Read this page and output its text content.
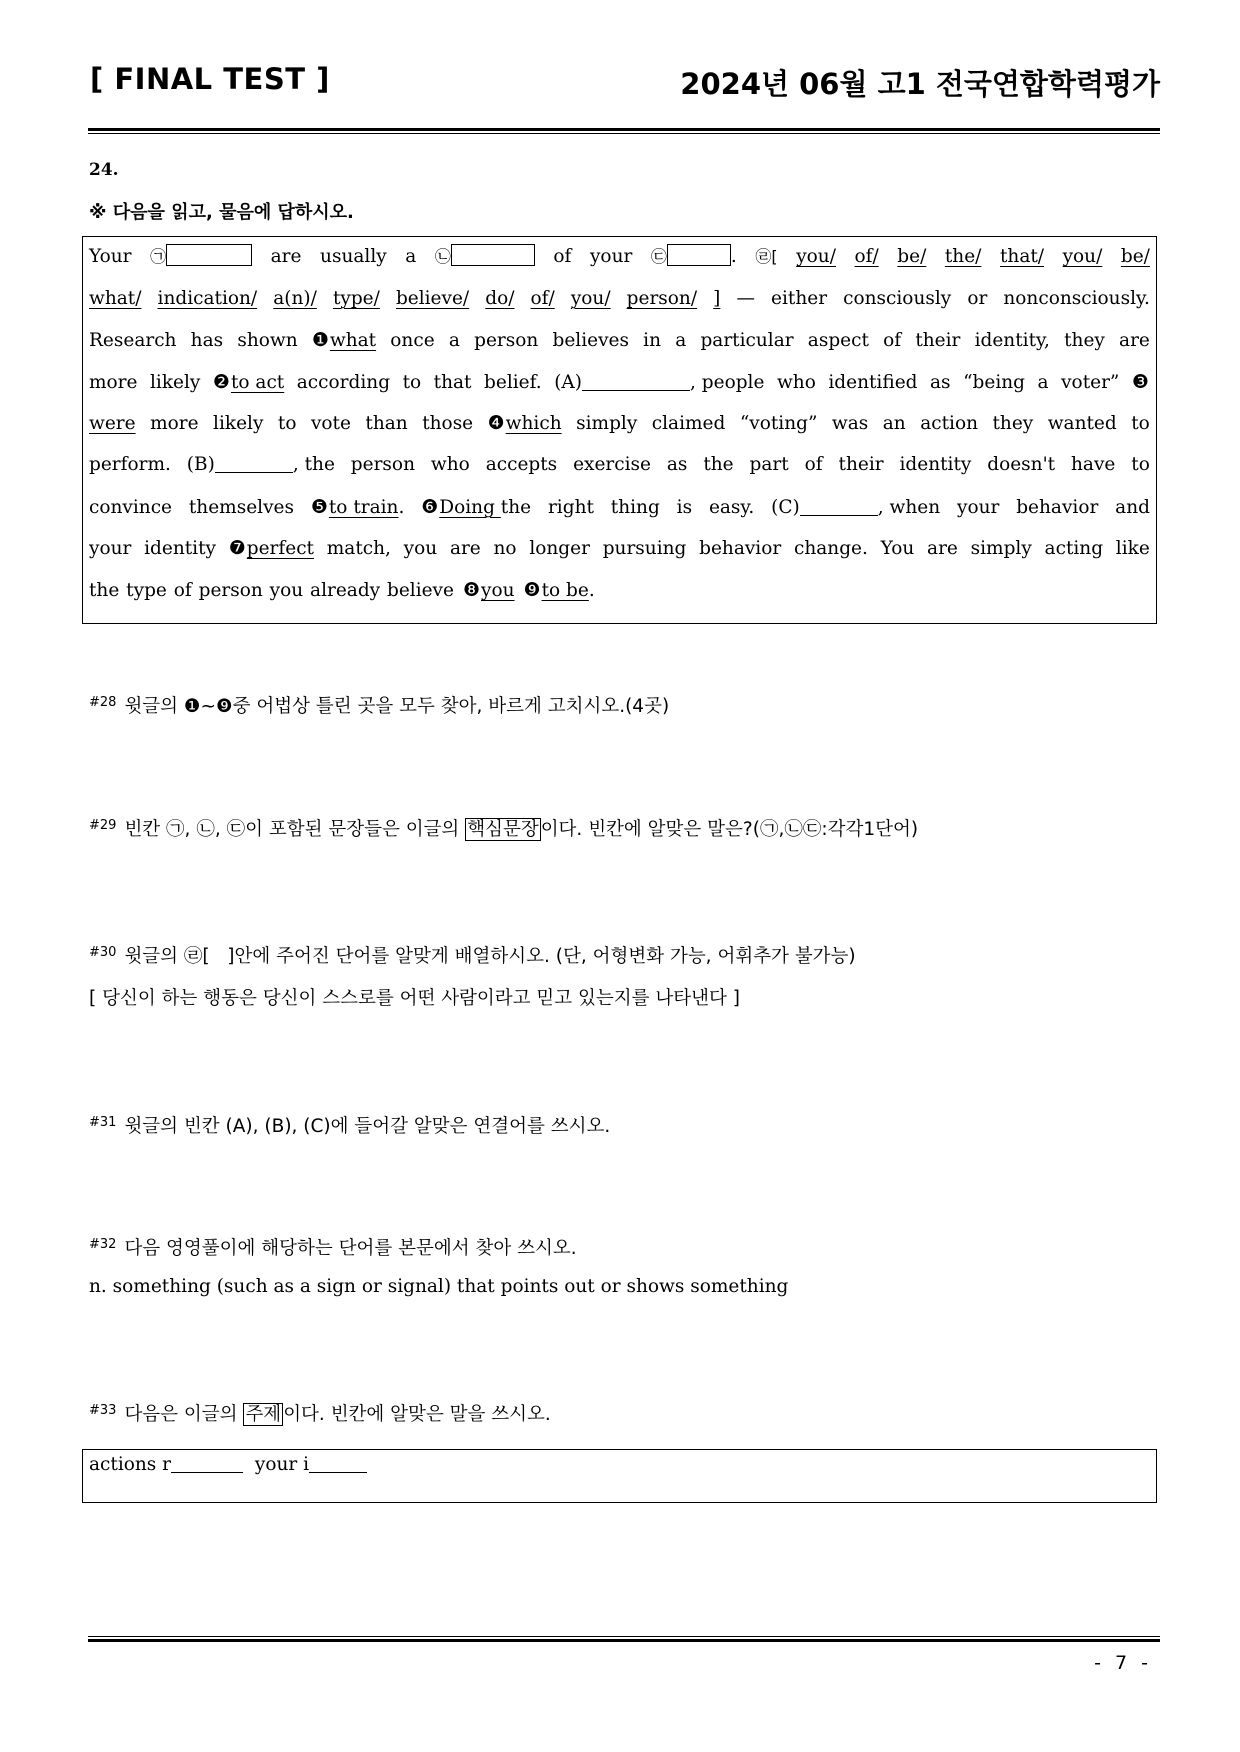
[ FINAL TEST ]	2024년 06월 고1 전국연합학력평가
24.
※ 다음을 읽고, 물음에 답하시오.
Your ㉠	are usually a ㉡	of your ㉢	. ㉣[ you/ of/ be/ the/ that/ you/ be/
what/ indication/ a(n)/ type/ believe/ do/ of/ you/ person/ ] — either consciously or nonconsciously.
Research has shown ❶what once a person believes in a particular aspect of their identity, they are
more likely ❷to act according to that belief. (A)	, people who identified as “being a voter” ❸
were more likely to vote than those ❹which simply claimed “voting” was an action they wanted to
perform. (B)	, the person who accepts exercise as the part of their identity doesn't have to
convince themselves ❺to train. ❻Doing the right thing is easy. (C)	, when your behavior and
your identity ❼perfect match, you are no longer pursuing behavior change. You are simply acting like
the type of person you already believe ❽you ❾to be.
$^{\#28}$ 윗글의 ❶~❾중 어법상 틀린 곳을 모두 찾아, 바르게 고치시오.(4곳)
$^{\#29}$ 빈칸 ㉠, ㉡, ㉢이 포함된 문장들은 이글의 핵심문장 이다. 빈칸에 알맞은 말은?(㉠,㉡㉢:각각1단어)
$^{\#30}$ 윗글의 ㉣[   ]안에 주어진 단어를 알맞게 배열하시오. (단, 어형변화 가능, 어휘추가 불가능)
[ 당신이 하는 행동은 당신이 스스로를 어떤 사람이라고 믿고 있는지를 나타낸다 ]
$^{\#31}$ 윗글의 빈칸 (A), (B), (C)에 들어갈 알맞은 연결어를 쓰시오.
$^{\#32}$ 다음 영영풀이에 해당하는 단어를 본문에서 찾아 쓰시오.
n. something (such as a sign or signal) that points out or shows something
$^{\#33}$ 다음은 이글의 주제 이다. 빈칸에 알맞은 말을 쓰시오.
actions r	your i
- 7 -
